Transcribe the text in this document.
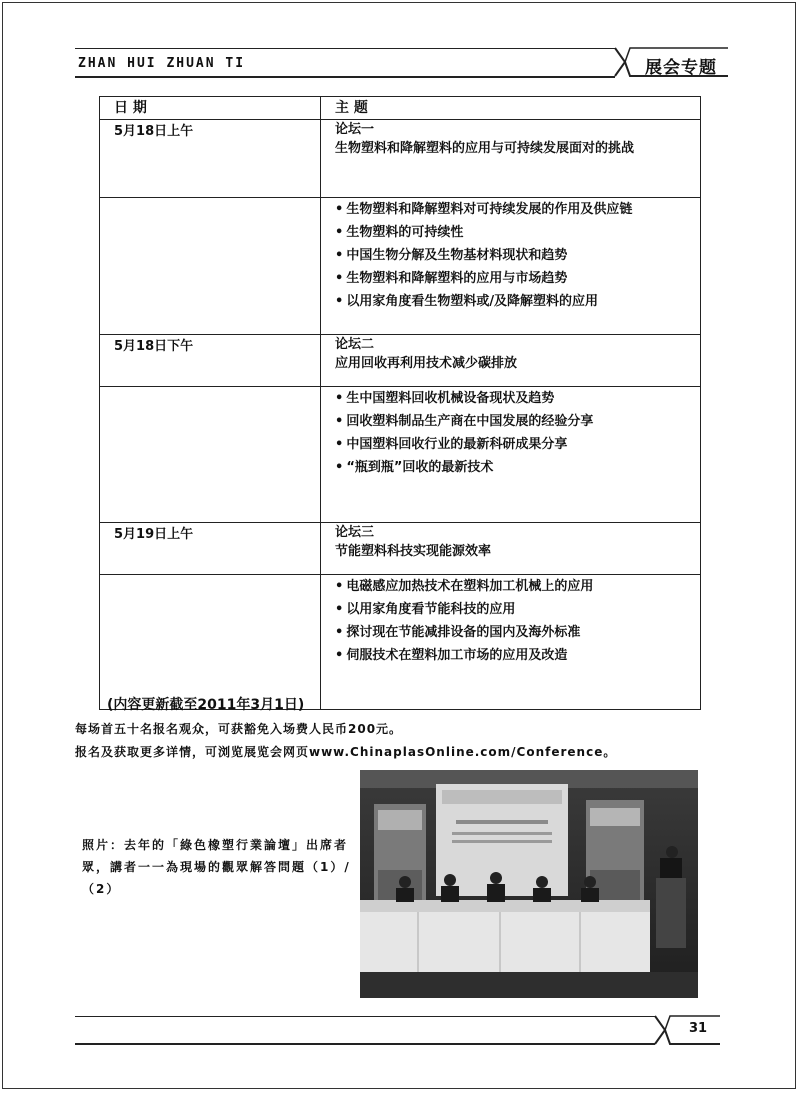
ZHAN HUI ZHUAN TI	展会专题
日 期	主 题
5月18日上午	论坛一
生物塑料和降解塑料的应用与可持续发展面对的挑战

	• 生物塑料和降解塑料对可持续发展的作用及供应链
• 生物塑料的可持续性
• 中国生物分解及生物基材料现状和趋势
• 生物塑料和降解塑料的应用与市场趋势
• 以用家角度看生物塑料或/及降解塑料的应用

5月18日下午	论坛二
应用回收再利用技术减少碳排放

	• 生中国塑料回收机械设备现状及趋势
• 回收塑料制品生产商在中国发展的经验分享
• 中国塑料回收行业的最新科研成果分享
• “瓶到瓶”回收的最新技术

5月19日上午	论坛三
节能塑料科技实现能源效率

	• 电磁感应加热技术在塑料加工机械上的应用
• 以用家角度看节能科技的应用
• 探讨现在节能减排设备的国内及海外标准
• 伺服技术在塑料加工市场的应用及改造
(内容更新截至2011年3月1日)
每场首五十名报名观众，可获豁免入场费人民币200元。
报名及获取更多详情，可浏览展览会网页www.ChinaplasOnline.com/Conference。
照片：去年的「綠色橡塑行業論壇」出席者眾，講者一一為現場的觀眾解答問題（1）/（2）
31
